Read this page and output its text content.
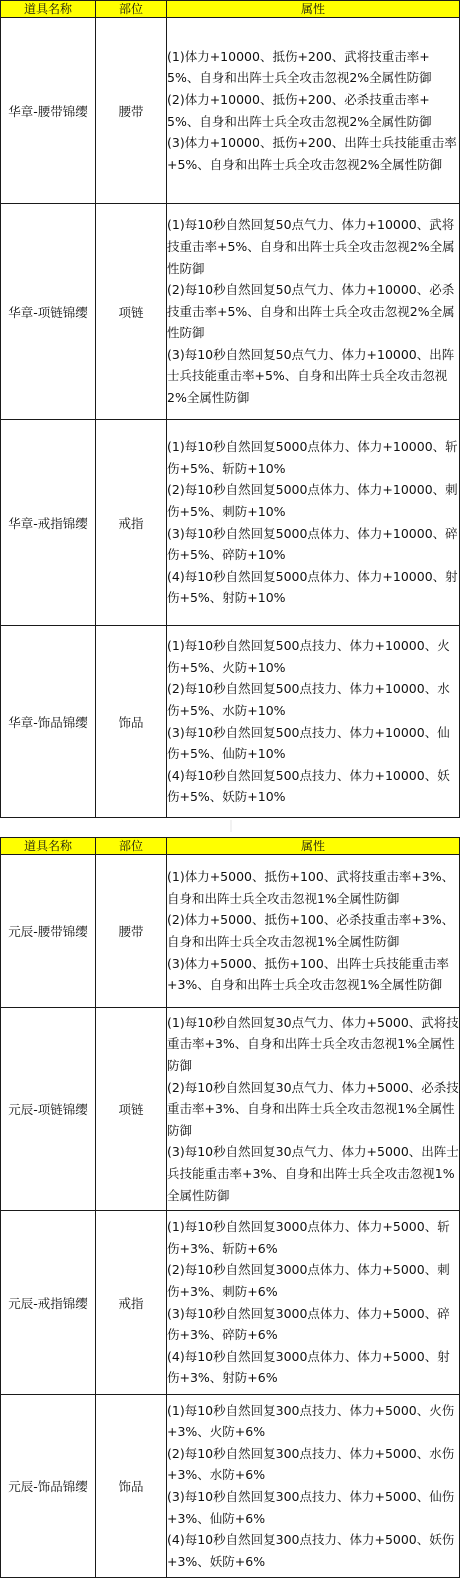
道具名称	部位	属性
华章-腰带锦缨	腰带	(1)体力+10000、抵伤+200、武将技重击率+5%、自身和出阵士兵全攻击忽视2%全属性防御
(2)体力+10000、抵伤+200、必杀技重击率+5%、自身和出阵士兵全攻击忽视2%全属性防御
(3)体力+10000、抵伤+200、出阵士兵技能重击率+5%、自身和出阵士兵全攻击忽视2%全属性防御

华章-项链锦缨	项链	(1)每10秒自然回复50点气力、体力+10000、武将技重击率+5%、自身和出阵士兵全攻击忽视2%全属性防御
(2)每10秒自然回复50点气力、体力+10000、必杀技重击率+5%、自身和出阵士兵全攻击忽视2%全属性防御
(3)每10秒自然回复50点气力、体力+10000、出阵士兵技能重击率+5%、自身和出阵士兵全攻击忽视2%全属性防御

华章-戒指锦缨	戒指	(1)每10秒自然回复5000点体力、体力+10000、斩伤+5%、斩防+10%
(2)每10秒自然回复5000点体力、体力+10000、刺伤+5%、刺防+10%
(3)每10秒自然回复5000点体力、体力+10000、碎伤+5%、碎防+10%
(4)每10秒自然回复5000点体力、体力+10000、射伤+5%、射防+10%

华章-饰品锦缨	饰品	(1)每10秒自然回复500点技力、体力+10000、火伤+5%、火防+10%
(2)每10秒自然回复500点技力、体力+10000、水伤+5%、水防+10%
(3)每10秒自然回复500点技力、体力+10000、仙伤+5%、仙防+10%
(4)每10秒自然回复500点技力、体力+10000、妖伤+5%、妖防+10%
道具名称	部位	属性
元辰-腰带锦缨	腰带	(1)体力+5000、抵伤+100、武将技重击率+3%、自身和出阵士兵全攻击忽视1%全属性防御
(2)体力+5000、抵伤+100、必杀技重击率+3%、自身和出阵士兵全攻击忽视1%全属性防御
(3)体力+5000、抵伤+100、出阵士兵技能重击率+3%、自身和出阵士兵全攻击忽视1%全属性防御

元辰-项链锦缨	项链	(1)每10秒自然回复30点气力、体力+5000、武将技重击率+3%、自身和出阵士兵全攻击忽视1%全属性防御
(2)每10秒自然回复30点气力、体力+5000、必杀技重击率+3%、自身和出阵士兵全攻击忽视1%全属性防御
(3)每10秒自然回复30点气力、体力+5000、出阵士兵技能重击率+3%、自身和出阵士兵全攻击忽视1%全属性防御

元辰-戒指锦缨	戒指	(1)每10秒自然回复3000点体力、体力+5000、斩伤+3%、斩防+6%
(2)每10秒自然回复3000点体力、体力+5000、刺伤+3%、刺防+6%
(3)每10秒自然回复3000点体力、体力+5000、碎伤+3%、碎防+6%
(4)每10秒自然回复3000点体力、体力+5000、射伤+3%、射防+6%

元辰-饰品锦缨	饰品	(1)每10秒自然回复300点技力、体力+5000、火伤+3%、火防+6%
(2)每10秒自然回复300点技力、体力+5000、水伤+3%、水防+6%
(3)每10秒自然回复300点技力、体力+5000、仙伤+3%、仙防+6%
(4)每10秒自然回复300点技力、体力+5000、妖伤+3%、妖防+6%
